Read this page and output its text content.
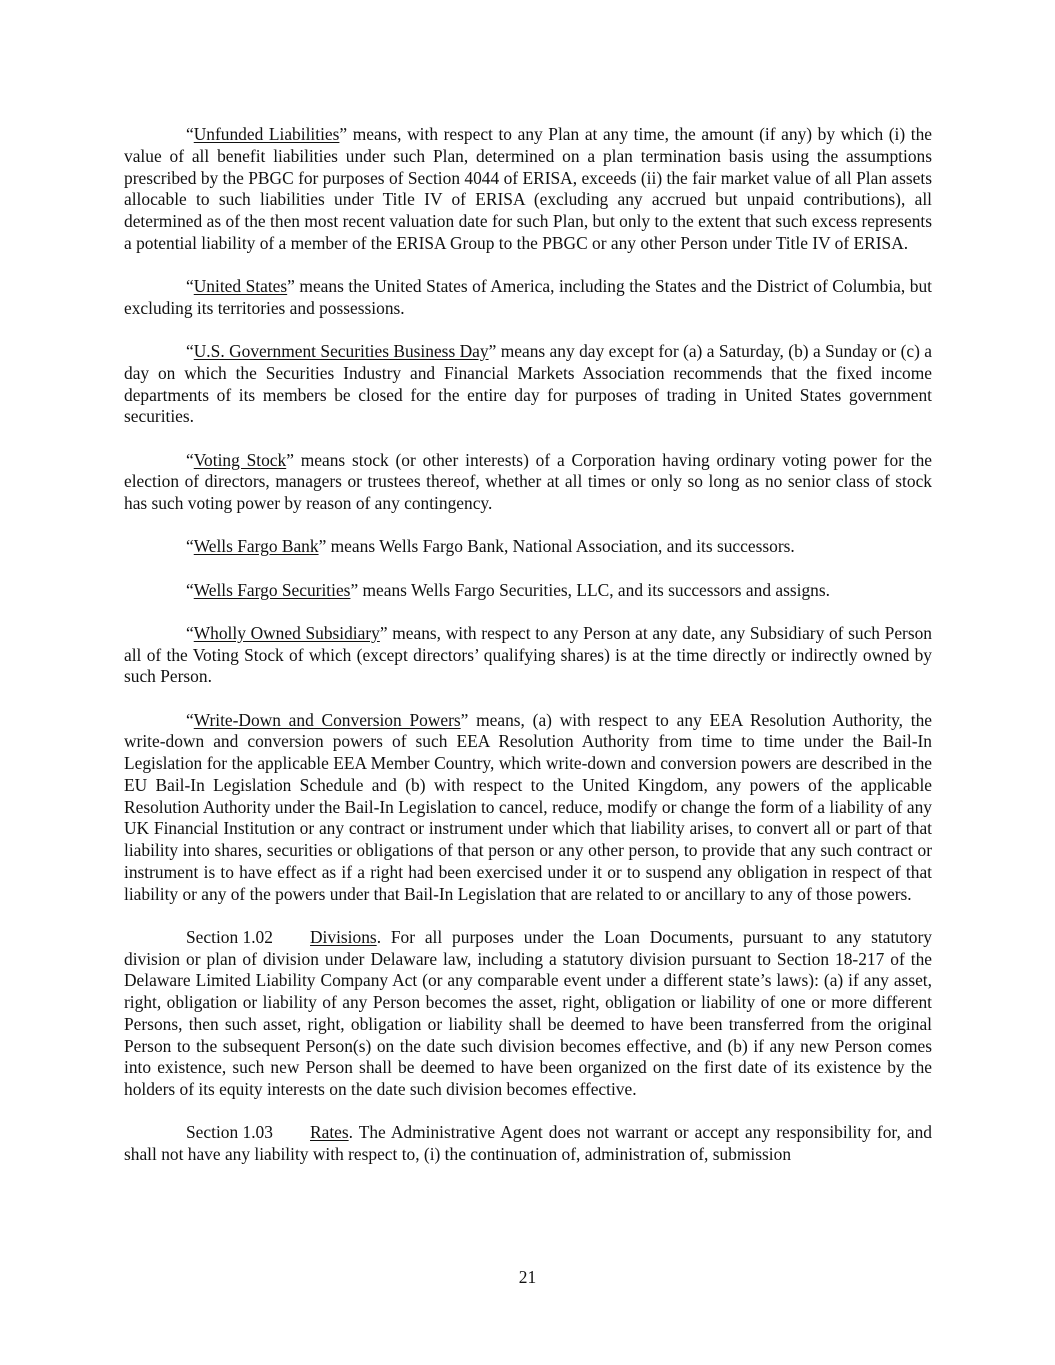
“Unfunded Liabilities” means, with respect to any Plan at any time, the amount (if any) by which (i) the value of all benefit liabilities under such Plan, determined on a plan termination basis using the assumptions prescribed by the PBGC for purposes of Section 4044 of ERISA, exceeds (ii) the fair market value of all Plan assets allocable to such liabilities under Title IV of ERISA (excluding any accrued but unpaid contributions), all determined as of the then most recent valuation date for such Plan, but only to the extent that such excess represents a potential liability of a member of the ERISA Group to the PBGC or any other Person under Title IV of ERISA.

“United States” means the United States of America, including the States and the District of Columbia, but excluding its territories and possessions.

“U.S. Government Securities Business Day” means any day except for (a) a Saturday, (b) a Sunday or (c) a day on which the Securities Industry and Financial Markets Association recommends that the fixed income departments of its members be closed for the entire day for purposes of trading in United States government securities.

“Voting Stock” means stock (or other interests) of a Corporation having ordinary voting power for the election of directors, managers or trustees thereof, whether at all times or only so long as no senior class of stock has such voting power by reason of any contingency.

“Wells Fargo Bank” means Wells Fargo Bank, National Association, and its successors.

“Wells Fargo Securities” means Wells Fargo Securities, LLC, and its successors and assigns.

“Wholly Owned Subsidiary” means, with respect to any Person at any date, any Subsidiary of such Person all of the Voting Stock of which (except directors’ qualifying shares) is at the time directly or indirectly owned by such Person.

“Write-Down and Conversion Powers” means, (a) with respect to any EEA Resolution Authority, the write-down and conversion powers of such EEA Resolution Authority from time to time under the Bail-In Legislation for the applicable EEA Member Country, which write-down and conversion powers are described in the EU Bail-In Legislation Schedule and (b) with respect to the United Kingdom, any powers of the applicable Resolution Authority under the Bail-In Legislation to cancel, reduce, modify or change the form of a liability of any UK Financial Institution or any contract or instrument under which that liability arises, to convert all or part of that liability into shares, securities or obligations of that person or any other person, to provide that any such contract or instrument is to have effect as if a right had been exercised under it or to suspend any obligation in respect of that liability or any of the powers under that Bail-In Legislation that are related to or ancillary to any of those powers.

Section 1.02 Divisions. For all purposes under the Loan Documents, pursuant to any statutory division or plan of division under Delaware law, including a statutory division pursuant to Section 18-217 of the Delaware Limited Liability Company Act (or any comparable event under a different state’s laws): (a) if any asset, right, obligation or liability of any Person becomes the asset, right, obligation or liability of one or more different Persons, then such asset, right, obligation or liability shall be deemed to have been transferred from the original Person to the subsequent Person(s) on the date such division becomes effective, and (b) if any new Person comes into existence, such new Person shall be deemed to have been organized on the first date of its existence by the holders of its equity interests on the date such division becomes effective.

Section 1.03 Rates. The Administrative Agent does not warrant or accept any responsibility for, and shall not have any liability with respect to, (i) the continuation of, administration of, submission

21
